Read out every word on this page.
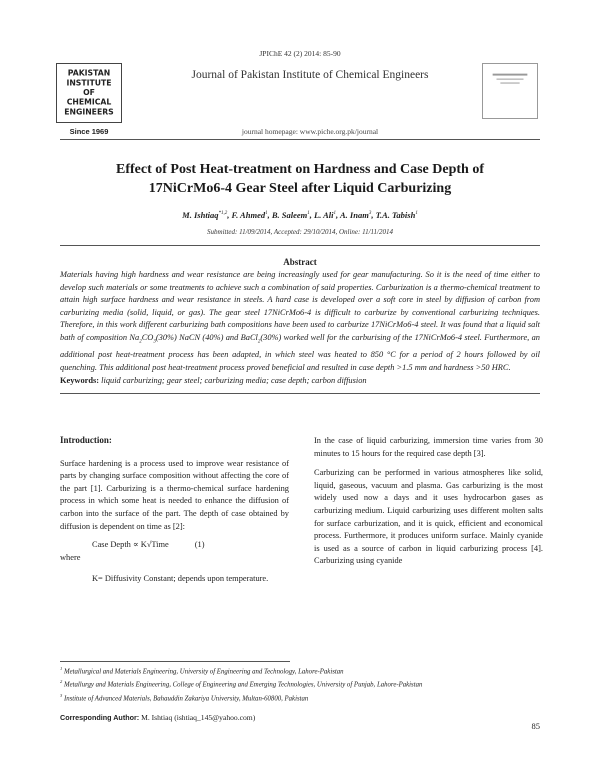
JPIChE 42 (2) 2014: 85-90
PAKISTAN
INSTITUTE
OF
CHEMICAL
ENGINEERS
Since 1969
Journal of Pakistan Institute of Chemical Engineers
journal homepage: www.piche.org.pk/journal
Effect of Post Heat-treatment on Hardness and Case Depth of
17NiCrMo6-4 Gear Steel after Liquid Carburizing
M. Ishtiaq$^{*1,2}$, F. Ahmed$^1$, B. Saleem$^1$, L. Ali$^1$, A. Inam$^3$, T.A. Tabish$^1$
Submitted: 11/09/2014, Accepted: 29/10/2014, Online: 11/11/2014
Abstract
Materials having high hardness and wear resistance are being increasingly used for gear manufacturing. So it is the need of time either to develop such materials or some treatments to achieve such a combination of said properties. Carburization is a thermo-chemical treatment to attain high surface hardness and wear resistance in steels. A hard case is developed over a soft core in steel by diffusion of carbon from carburizing media (solid, liquid, or gas). The gear steel 17NiCrMo6-4 is difficult to carburize by conventional carburizing techniques. Therefore, in this work different carburizing bath compositions have been used to carburize 17NiCrMo6-4 steel. It was found that a liquid salt bath of composition $Na_2CO_3(30\%)$ NaCN (40%) and BaCl$_2$(30%) worked well for the carburising of the 17NiCrMo6-4 steel. Furthermore, an additional post heat-treatment process has been adapted, in which steel was heated to 850 °C for a period of 2 hours followed by oil quenching. This additional post heat-treatment process proved beneficial and resulted in case depth >1.5 mm and hardness >50 HRC.
Keywords: liquid carburizing; gear steel; carburizing media; case depth; carbon diffusion
Introduction:

Surface hardening is a process used to improve wear resistance of parts by changing surface composition without affecting the core of the part [1]. Carburizing is a thermo-chemical surface hardening process in which some heat is needed to enhance the diffusion of carbon into the surface of the part. The depth of case obtained by diffusion is dependent on time as [2]:

Case Depth ∝ K√Time	(1)
where
K= Diffusivity Constant; depends upon temperature.

In the case of liquid carburizing, immersion time varies from 30 minutes to 15 hours for the required case depth [3].

Carburizing can be performed in various atmospheres like solid, liquid, gaseous, vacuum and plasma. Gas carburizing is the most widely used now a days and it uses hydrocarbon gases as carburizing medium. Liquid carburizing uses different molten salts for surface carburization, and it is quick, efficient and economical process. Furthermore, it produces uniform surface. Mainly cyanide is used as a source of carbon in liquid carburizing process [4]. Carburizing using cyanide

$^1$ Metallurgical and Materials Engineering, University of Engineering and Technology, Lahore-Pakistan
$^2$ Metallurgy and Materials Engineering, College of Engineering and Emerging Technologies, University of Punjab, Lahore-Pakistan
$^3$ Institute of Advanced Materials, Bahauddin Zakariya University, Multan-60800, Pakistan
Corresponding Author: M. Ishtiaq (ishtiaq_145@yahoo.com)
85
